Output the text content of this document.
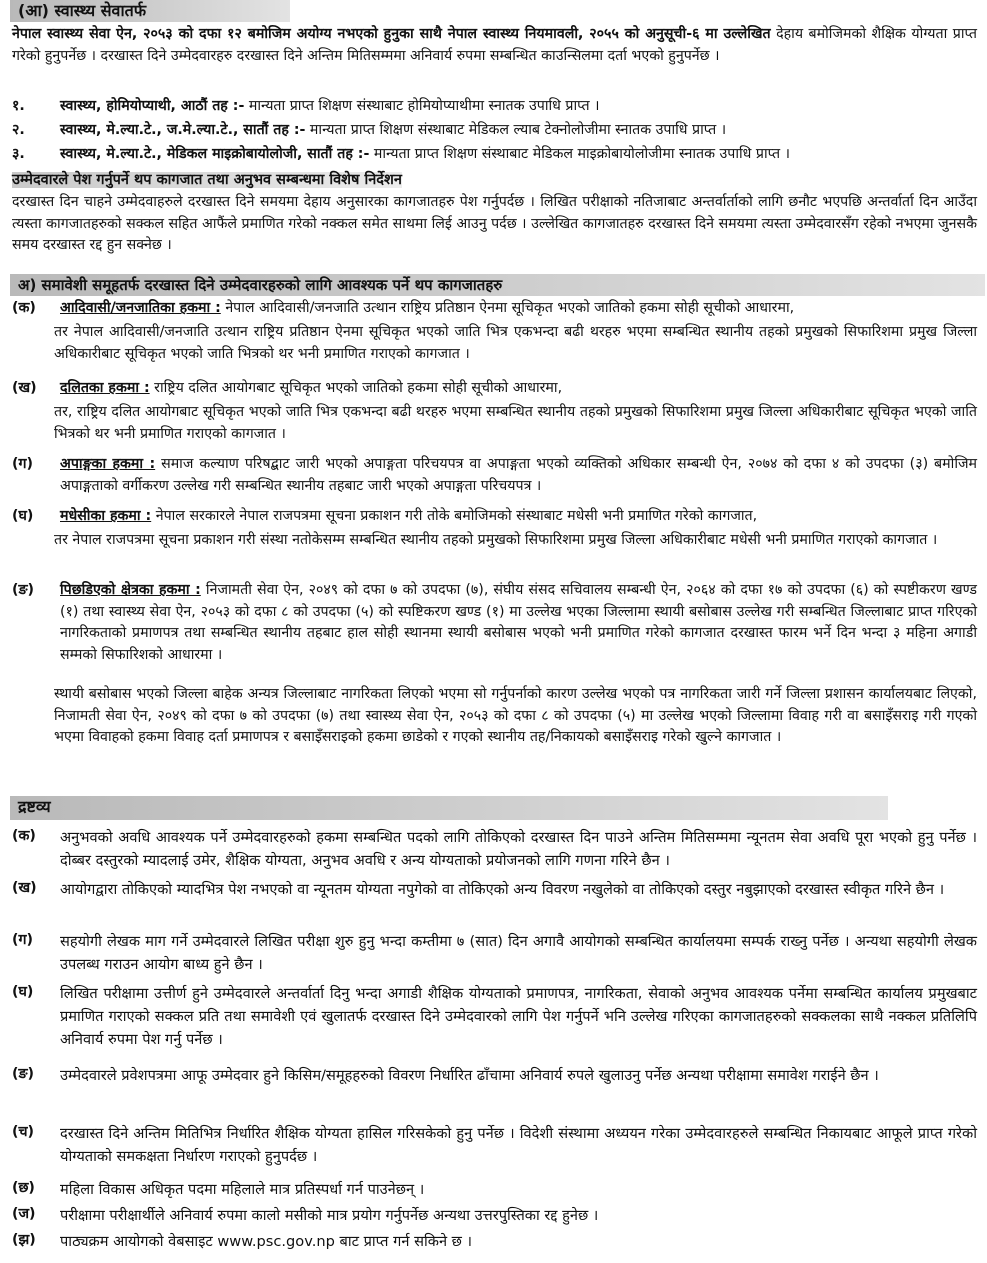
(आ) स्वास्थ्य सेवातर्फ
नेपाल स्वास्थ्य सेवा ऐन, २०५३ को दफा १२ बमोजिम अयोग्य नभएको हुनुका साथै नेपाल स्वास्थ्य नियमावली, २०५५ को अनुसूची-६ मा उल्लेखित देहाय बमोजिमको शैक्षिक योग्यता प्राप्त गरेको हुनुपर्नेछ । दरखास्त दिने उम्मेदवारहरु दरखास्त दिने अन्तिम मितिसम्ममा अनिवार्य रुपमा सम्बन्धित काउन्सिलमा दर्ता भएको हुनुपर्नेछ ।
१.	स्वास्थ्य, होमियोप्याथी, आठौं तह :- मान्यता प्राप्त शिक्षण संस्थाबाट होमियोप्याथीमा स्नातक उपाधि प्राप्त ।
२.	स्वास्थ्य, मे.ल्या.टे., ज.मे.ल्या.टे., सातौं तह :- मान्यता प्राप्त शिक्षण संस्थाबाट मेडिकल ल्याब टेक्नोलोजीमा स्नातक उपाधि प्राप्त ।
३.	स्वास्थ्य, मे.ल्या.टे., मेडिकल माइक्रोबायोलोजी, सातौं तह :- मान्यता प्राप्त शिक्षण संस्थाबाट मेडिकल माइक्रोबायोलोजीमा स्नातक उपाधि प्राप्त ।
उम्मेदवारले पेश गर्नुपर्ने थप कागजात तथा अनुभव सम्बन्धमा विशेष निर्देशन
दरखास्त दिन चाहने उम्मेदवाहरुले दरखास्त दिने समयमा देहाय अनुसारका कागजातहरु पेश गर्नुपर्दछ । लिखित परीक्षाको नतिजाबाट अन्तर्वार्ताको लागि छनौट भएपछि अन्तर्वार्ता दिन आउँदा त्यस्ता कागजातहरुको सक्कल सहित आफैंले प्रमाणित गरेको नक्कल समेत साथमा लिई आउनु पर्दछ । उल्लेखित कागजातहरु दरखास्त दिने समयमा त्यस्ता उम्मेदवारसँग रहेको नभएमा जुनसकै समय दरखास्त रद्द हुन सक्नेछ ।
अ) समावेशी समूहतर्फ दरखास्त दिने उम्मेदवारहरुको लागि आवश्यक पर्ने थप कागजातहरु
(क)	आदिवासी/जनजातिका हकमा : नेपाल आदिवासी/जनजाति उत्थान राष्ट्रिय प्रतिष्ठान ऐनमा सूचिकृत भएको जातिको हकमा सोही सूचीको आधारमा,
तर नेपाल आदिवासी/जनजाति उत्थान राष्ट्रिय प्रतिष्ठान ऐनमा सूचिकृत भएको जाति भित्र एकभन्दा बढी थरहरु भएमा सम्बन्धित स्थानीय तहको प्रमुखको सिफारिशमा प्रमुख जिल्ला अधिकारीबाट सूचिकृत भएको जाति भित्रको थर भनी प्रमाणित गराएको कागजात ।
(ख)	दलितका हकमा : राष्ट्रिय दलित आयोगबाट सूचिकृत भएको जातिको हकमा सोही सूचीको आधारमा,
तर, राष्ट्रिय दलित आयोगबाट सूचिकृत भएको जाति भित्र एकभन्दा बढी थरहरु भएमा सम्बन्धित स्थानीय तहको प्रमुखको सिफारिशमा प्रमुख जिल्ला अधिकारीबाट सूचिकृत भएको जाति भित्रको थर भनी प्रमाणित गराएको कागजात ।
(ग)	अपाङ्गका हकमा : समाज कल्याण परिषद्बाट जारी भएको अपाङ्गता परिचयपत्र वा अपाङ्गता भएको व्यक्तिको अधिकार सम्बन्धी ऐन, २०७४ को दफा ४ को उपदफा (३) बमोजिम अपाङ्गताको वर्गीकरण उल्लेख गरी सम्बन्धित स्थानीय तहबाट जारी भएको अपाङ्गता परिचयपत्र ।
(घ)	मधेसीका हकमा : नेपाल सरकारले नेपाल राजपत्रमा सूचना प्रकाशन गरी तोके बमोजिमको संस्थाबाट मधेसी भनी प्रमाणित गरेको कागजात,
तर नेपाल राजपत्रमा सूचना प्रकाशन गरी संस्था नतोकेसम्म सम्बन्धित स्थानीय तहको प्रमुखको सिफारिशमा प्रमुख जिल्ला अधिकारीबाट मधेसी भनी प्रमाणित गराएको कागजात ।
(ङ)	पिछडिएको क्षेत्रका हकमा : निजामती सेवा ऐन, २०४९ को दफा ७ को उपदफा (७), संघीय संसद सचिवालय सम्बन्धी ऐन, २०६४ को दफा १७ को उपदफा (६) को स्पष्टीकरण खण्ड (१) तथा स्वास्थ्य सेवा ऐन, २०५३ को दफा ८ को उपदफा (५) को स्पष्टिकरण खण्ड (१) मा उल्लेख भएका जिल्लामा स्थायी बसोबास उल्लेख गरी सम्बन्धित जिल्लाबाट प्राप्त गरिएको नागरिकताको प्रमाणपत्र तथा सम्बन्धित स्थानीय तहबाट हाल सोही स्थानमा स्थायी बसोबास भएको भनी प्रमाणित गरेको कागजात दरखास्त फारम भर्ने दिन भन्दा ३ महिना अगाडी सम्मको सिफारिशको आधारमा ।
स्थायी बसोबास भएको जिल्ला बाहेक अन्यत्र जिल्लाबाट नागरिकता लिएको भएमा सो गर्नुपर्नाको कारण उल्लेख भएको पत्र नागरिकता जारी गर्ने जिल्ला प्रशासन कार्यालयबाट लिएको, निजामती सेवा ऐन, २०४९ को दफा ७ को उपदफा (७) तथा स्वास्थ्य सेवा ऐन, २०५३ को दफा ८ को उपदफा (५) मा उल्लेख भएको जिल्लामा विवाह गरी वा बसाइँसराइ गरी गएको भएमा विवाहको हकमा विवाह दर्ता प्रमाणपत्र र बसाइँसराइको हकमा छाडेको र गएको स्थानीय तह/निकायको बसाइँसराइ गरेको खुल्ने कागजात ।
द्रष्टव्य
(क)	अनुभवको अवधि आवश्यक पर्ने उम्मेदवारहरुको हकमा सम्बन्धित पदको लागि तोकिएको दरखास्त दिन पाउने अन्तिम मितिसम्ममा न्यूनतम सेवा अवधि पूरा भएको हुनु पर्नेछ । दोब्बर दस्तुरको म्यादलाई उमेर, शैक्षिक योग्यता, अनुभव अवधि र अन्य योग्यताको प्रयोजनको लागि गणना गरिने छैन ।
(ख)	आयोगद्वारा तोकिएको म्यादभित्र पेश नभएको वा न्यूनतम योग्यता नपुगेको वा तोकिएको अन्य विवरण नखुलेको वा तोकिएको दस्तुर नबुझाएको दरखास्त स्वीकृत गरिने छैन ।
(ग)	सहयोगी लेखक माग गर्ने उम्मेदवारले लिखित परीक्षा शुरु हुनु भन्दा कम्तीमा ७ (सात) दिन अगावै आयोगको सम्बन्धित कार्यालयमा सम्पर्क राख्नु पर्नेछ । अन्यथा सहयोगी लेखक उपलब्ध गराउन आयोग बाध्य हुने छैन ।
(घ)	लिखित परीक्षामा उत्तीर्ण हुने उम्मेदवारले अन्तर्वार्ता दिनु भन्दा अगाडी शैक्षिक योग्यताको प्रमाणपत्र, नागरिकता, सेवाको अनुभव आवश्यक पर्नेमा सम्बन्धित कार्यालय प्रमुखबाट प्रमाणित गराएको सक्कल प्रति तथा समावेशी एवं खुलातर्फ दरखास्त दिने उम्मेदवारको लागि पेश गर्नुपर्ने भनि उल्लेख गरिएका कागजातहरुको सक्कलका साथै नक्कल प्रतिलिपि अनिवार्य रुपमा पेश गर्नु पर्नेछ ।
(ङ)	उम्मेदवारले प्रवेशपत्रमा आफू उम्मेदवार हुने किसिम/समूहहरुको विवरण निर्धारित ढाँचामा अनिवार्य रुपले खुलाउनु पर्नेछ अन्यथा परीक्षामा समावेश गराईने छैन ।
(च)	दरखास्त दिने अन्तिम मितिभित्र निर्धारित शैक्षिक योग्यता हासिल गरिसकेको हुनु पर्नेछ । विदेशी संस्थामा अध्ययन गरेका उम्मेदवारहरुले सम्बन्धित निकायबाट आफूले प्राप्त गरेको योग्यताको समकक्षता निर्धारण गराएको हुनुपर्दछ ।
(छ)	महिला विकास अधिकृत पदमा महिलाले मात्र प्रतिस्पर्धा गर्न पाउनेछन् ।
(ज)	परीक्षामा परीक्षार्थीले अनिवार्य रुपमा कालो मसीको मात्र प्रयोग गर्नुपर्नेछ अन्यथा उत्तरपुस्तिका रद्द हुनेछ ।
(झ)	पाठ्यक्रम आयोगको वेबसाइट www.psc.gov.np बाट प्राप्त गर्न सकिने छ ।
